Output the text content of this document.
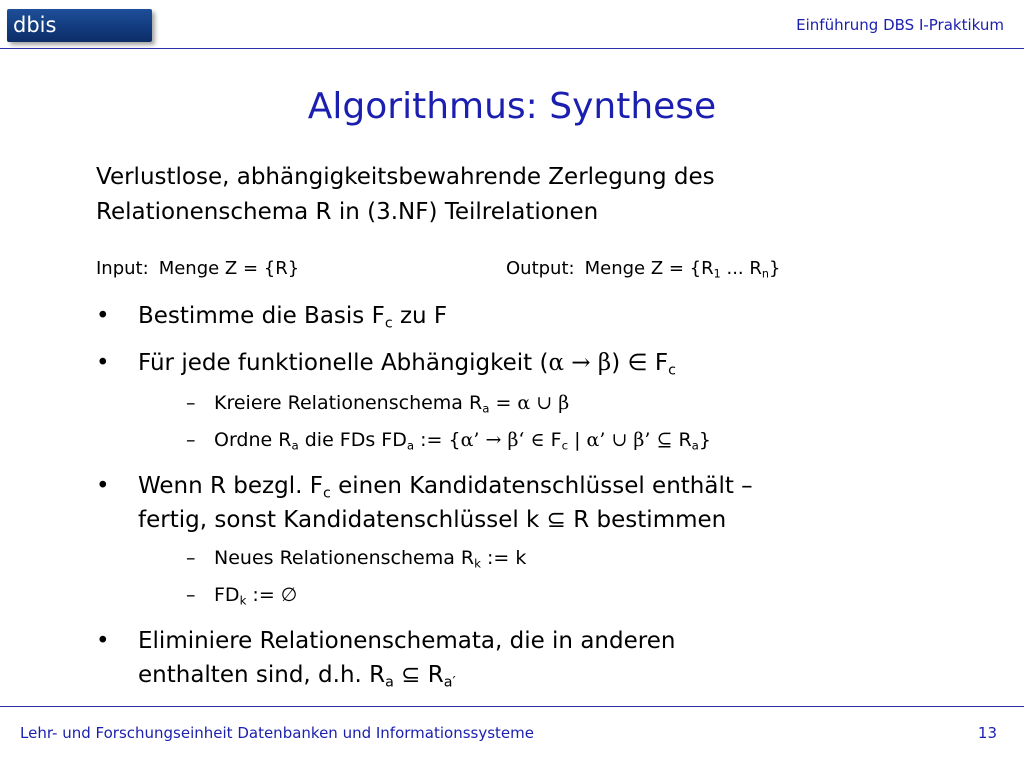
dbis	Einführung DBS I-Praktikum
Algorithmus: Synthese
Verlustlose, abhängigkeitsbewahrende Zerlegung des
Relationenschema R in (3.NF) Teilrelationen
Input: Menge Z = {R}	Output: Menge $Z = \{R_1$ ... $R_n$}
• Bestimme die Basis $F_c$ zu F
• Für jede funktionelle Abhängigkeit (α → β) ∈ $F_c$
– Kreiere Relationenschema $R_a = \alpha$ ∪ β
– Ordne $R_a$ die FDs $FD_a$ := {α’ → β‘ ∈ $F_c$ | α’ ∪ β’ ⊆ $R_a$}
• Wenn R bezgl. $F_c$ einen Kandidatenschlüssel enthält –
fertig, sonst Kandidatenschlüssel k ⊆ R bestimmen
– Neues Relationenschema $R_k$ := k
– $FD_k$ := ∅
• Eliminiere Relationenschemata, die in anderen
enthalten sind, d.h. $R_a$ ⊆ $R_{a'}$
Lehr- und Forschungseinheit Datenbanken und Informationssysteme	13
